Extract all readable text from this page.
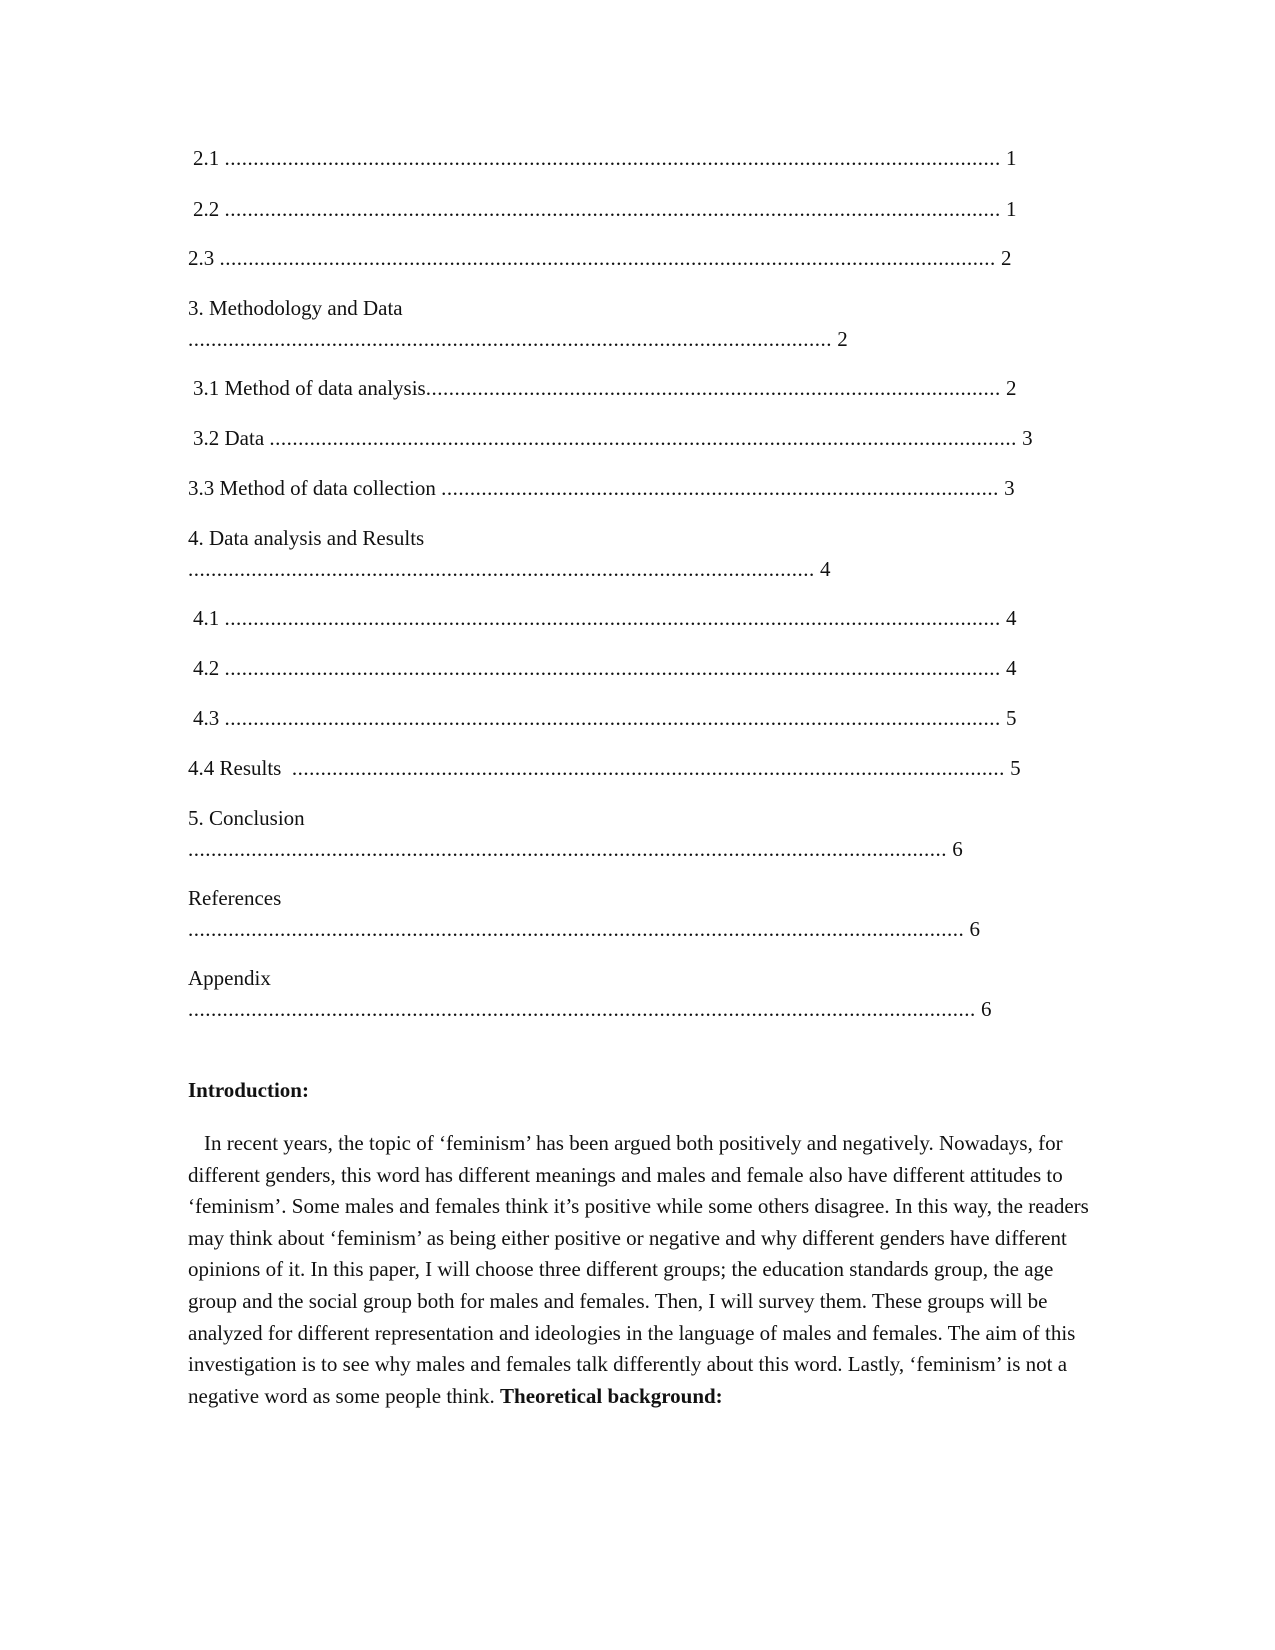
2.1 ....................................................................................................................................... 1
2.2 ....................................................................................................................................... 1
2.3 ....................................................................................................................................... 2
3. Methodology and Data
................................................................................................................ 2
3.1 Method of data analysis.................................................................................................... 2
3.2 Data .................................................................................................................................. 3
3.3 Method of data collection ................................................................................................. 3
4. Data analysis and Results
............................................................................................................. 4
4.1 ....................................................................................................................................... 4
4.2 ....................................................................................................................................... 4
4.3 ....................................................................................................................................... 5
4.4 Results  ............................................................................................................................ 5
5. Conclusion
.................................................................................................................................... 6
References
....................................................................................................................................... 6
Appendix
......................................................................................................................................... 6
Introduction:

In recent years, the topic of ‘feminism’ has been argued both positively and negatively. Nowadays, for different genders, this word has different meanings and males and female also have different attitudes to ‘feminism’. Some males and females think it’s positive while some others disagree. In this way, the readers may think about ‘feminism’ as being either positive or negative and why different genders have different opinions of it. In this paper, I will choose three different groups; the education standards group, the age group and the social group both for males and females. Then, I will survey them. These groups will be analyzed for different representation and ideologies in the language of males and females. The aim of this investigation is to see why males and females talk differently about this word. Lastly, ‘feminism’ is not a negative word as some people think. Theoretical background:
